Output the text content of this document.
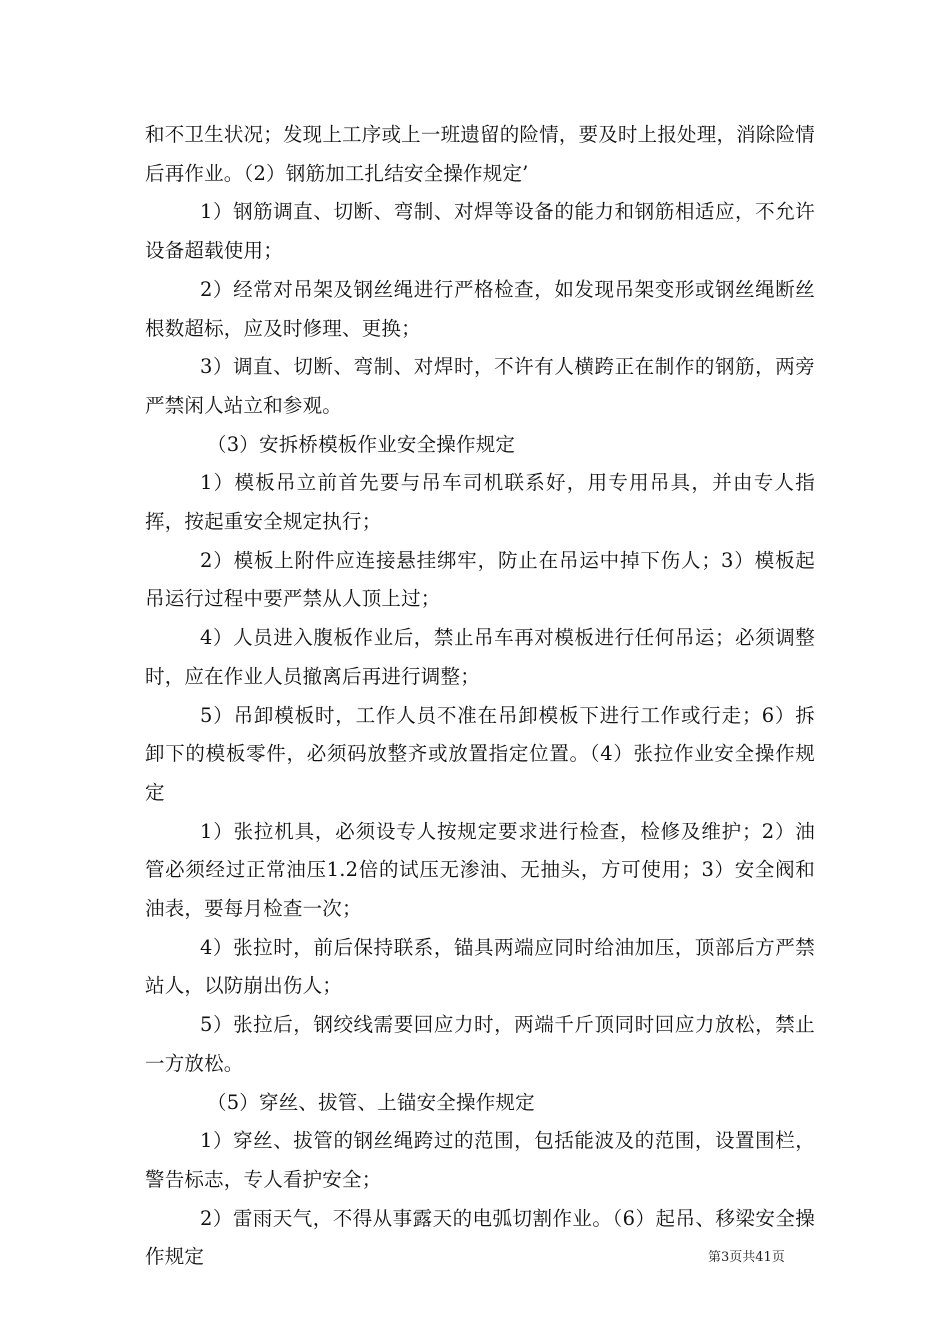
和不卫生状况；发现上工序或上一班遗留的险情，要及时上报处理，消除险情后再作业。（2）钢筋加工扎结安全操作规定’

1）钢筋调直、切断、弯制、对焊等设备的能力和钢筋相适应，不允许设备超载使用；

2）经常对吊架及钢丝绳进行严格检查，如发现吊架变形或钢丝绳断丝根数超标，应及时修理、更换；

3）调直、切断、弯制、对焊时，不许有人横跨正在制作的钢筋，两旁严禁闲人站立和参观。

（3）安拆桥模板作业安全操作规定

1）模板吊立前首先要与吊车司机联系好，用专用吊具，并由专人指挥，按起重安全规定执行；

2）模板上附件应连接悬挂绑牢，防止在吊运中掉下伤人；3）模板起吊运行过程中要严禁从人顶上过；

4）人员进入腹板作业后，禁止吊车再对模板进行任何吊运；必须调整时，应在作业人员撤离后再进行调整；

5）吊卸模板时，工作人员不准在吊卸模板下进行工作或行走；6）拆卸下的模板零件，必须码放整齐或放置指定位置。（4）张拉作业安全操作规定

1）张拉机具，必须设专人按规定要求进行检查，检修及维护；2）油管必须经过正常油压1.2倍的试压无渗油、无抽头，方可使用；3）安全阀和油表，要每月检查一次；

4）张拉时，前后保持联系，锚具两端应同时给油加压，顶部后方严禁站人，以防崩出伤人；

5）张拉后，钢绞线需要回应力时，两端千斤顶同时回应力放松，禁止一方放松。

（5）穿丝、拔管、上锚安全操作规定

1）穿丝、拔管的钢丝绳跨过的范围，包括能波及的范围，设置围栏，警告标志，专人看护安全；

2）雷雨天气，不得从事露天的电弧切割作业。（6）起吊、移梁安全操作规定	第3页共41页
